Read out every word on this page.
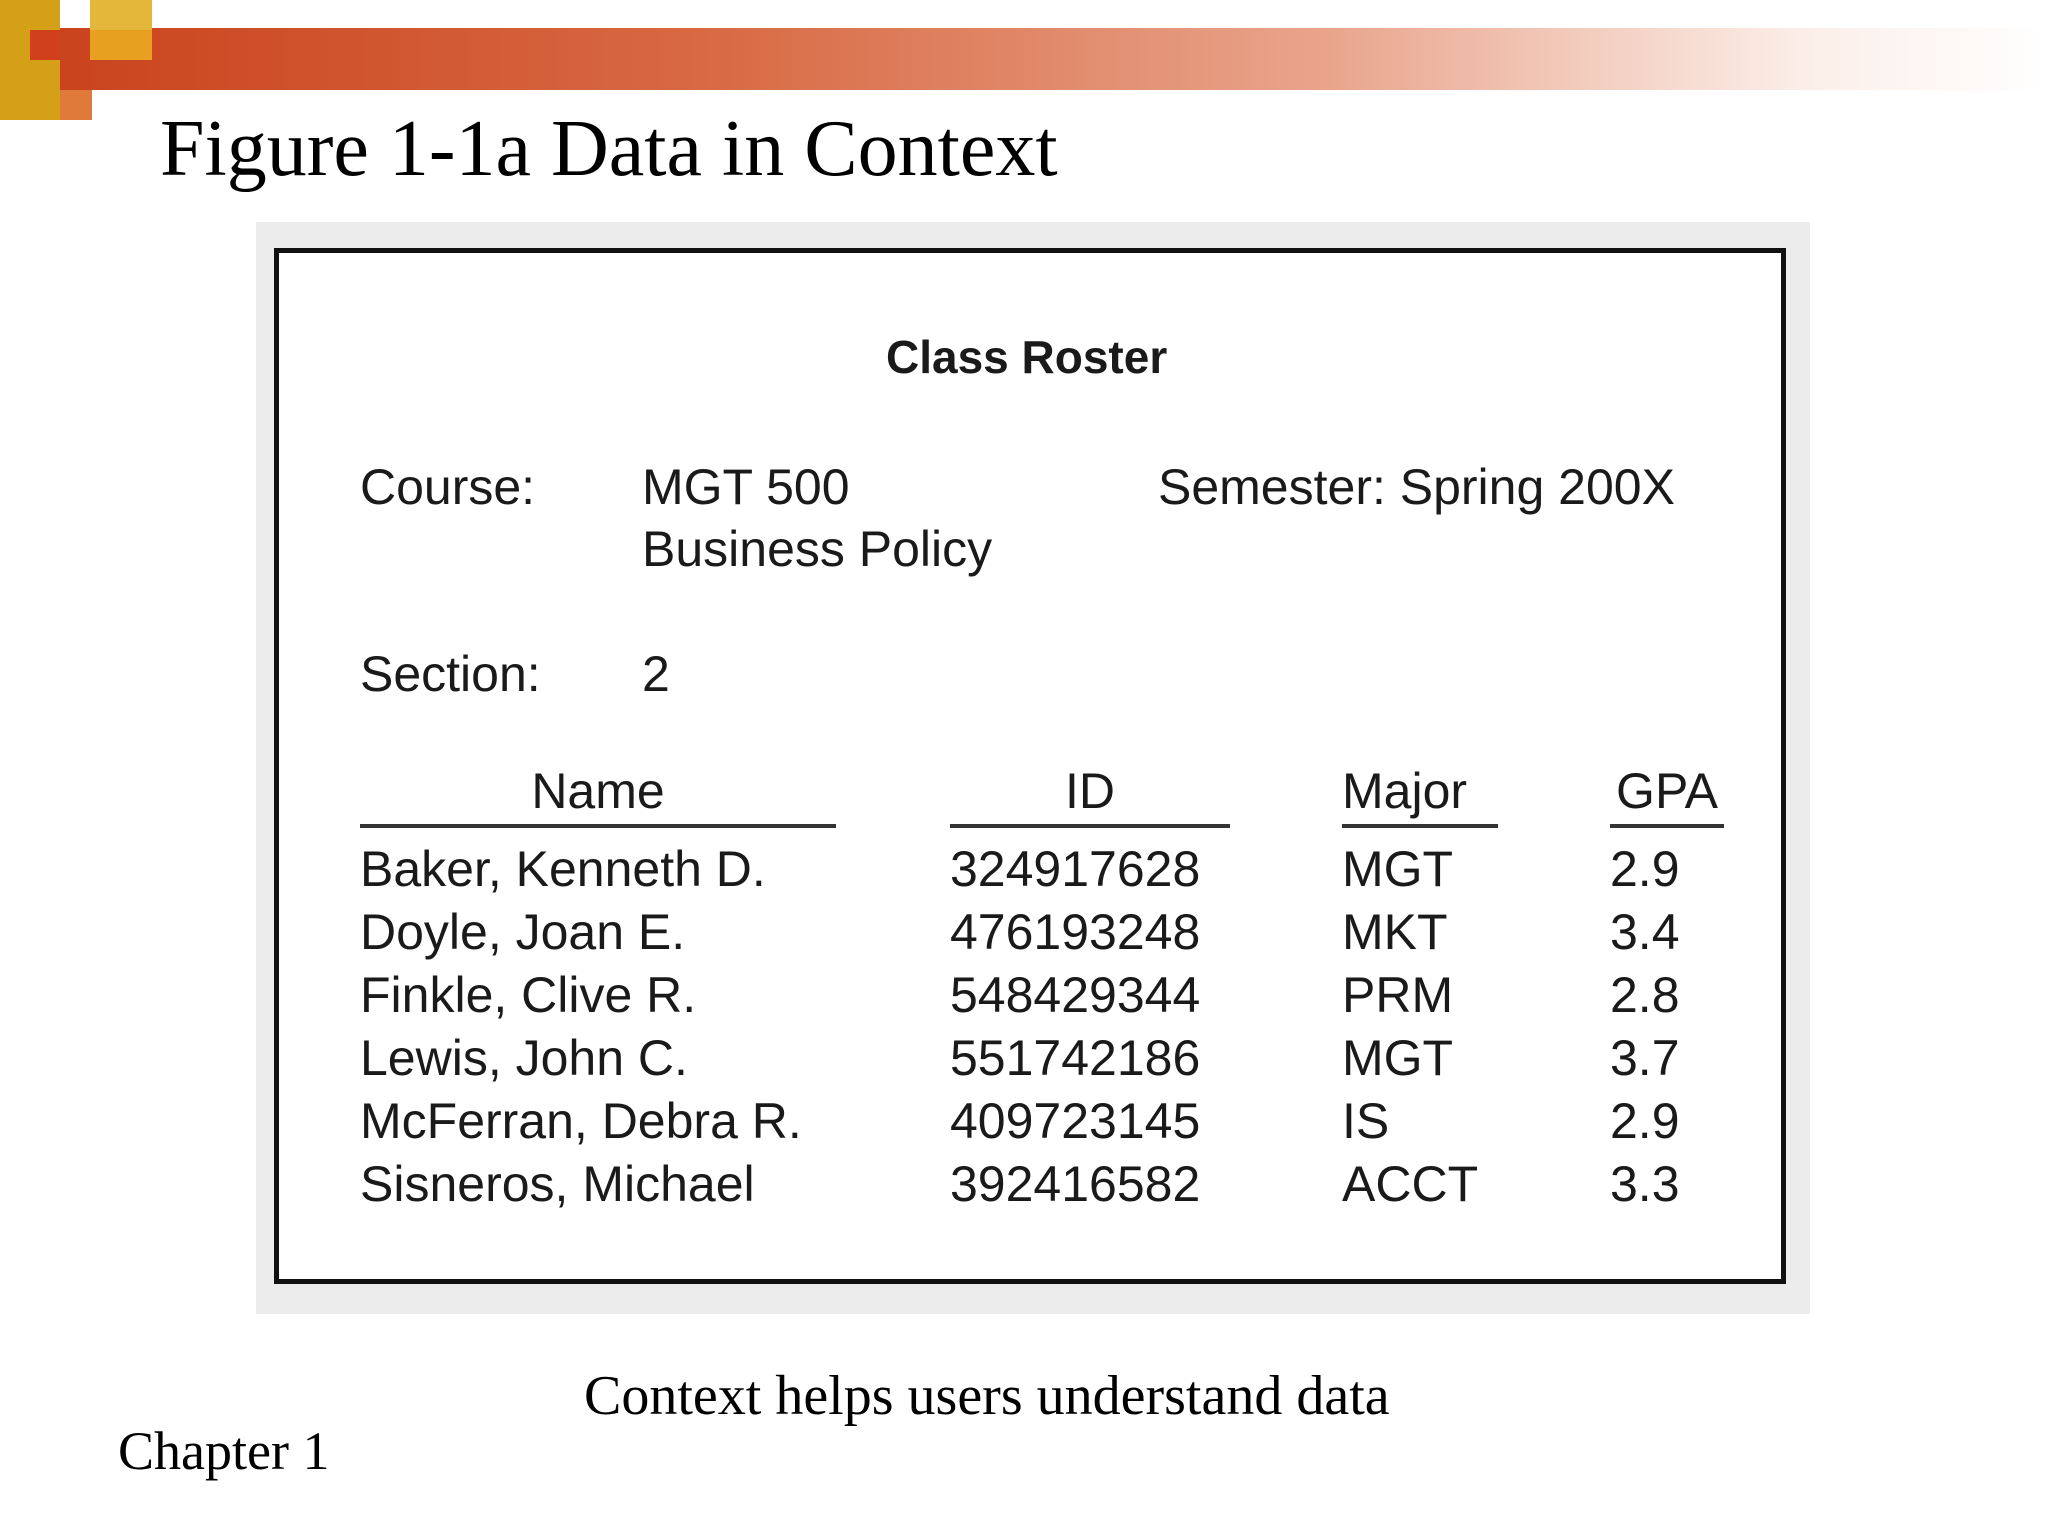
Figure 1-1a Data in Context
Class Roster
Course: MGT 500
Business Policy
Semester: Spring 200X
Section: 2
Name	ID	Major	GPA
Baker, Kenneth D.	324917628	MGT	2.9
Doyle, Joan E.	476193248	MKT	3.4
Finkle, Clive R.	548429344	PRM	2.8
Lewis, John C.	551742186	MGT	3.7
McFerran, Debra R.	409723145	IS	2.9
Sisneros, Michael	392416582	ACCT	3.3
Context helps users understand data
Chapter 1
